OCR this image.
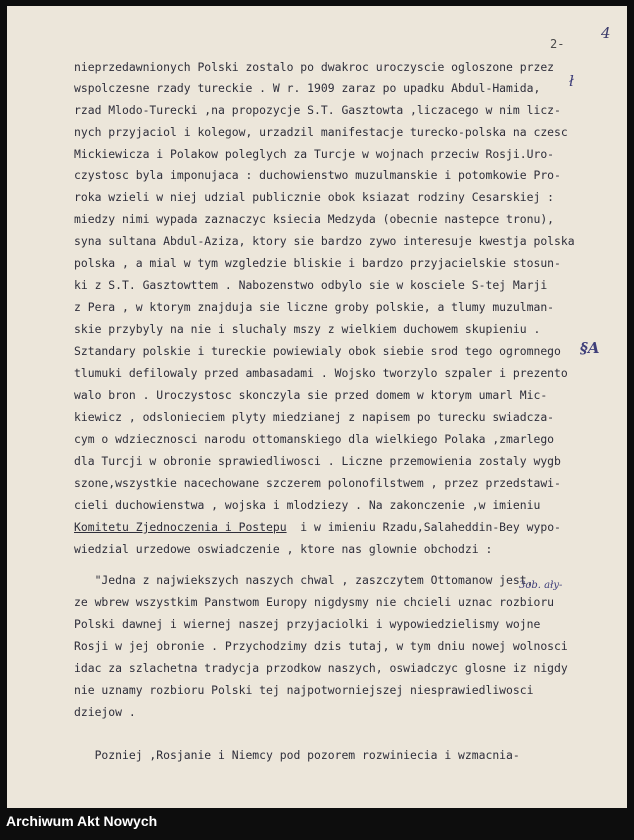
2-
4
nieprzedawnionych Polski zostalo po dwakroc uroczyscie ogloszone przez
wspolczesne rzady tureckie . W r. 1909 zaraz po upadku Abdul-Hamida,
rzad Mlodo-Turecki ,na propozycje S.T. Gasztowta ,liczacego w nim licz-
nych przyjaciol i kolegow, urzadzil manifestacje turecko-polska na czesc
Mickiewicza i Polakow poleglych za Turcje w wojnach przeciw Rosji.Uro-
czystosc byla imponujaca : duchowienstwo muzulmanskie i potomkowie Pro-
roka wzieli w niej udzial publicznie obok ksiazat rodziny Cesarskiej :
miedzy nimi wypada zaznaczyc ksiecia Medzyda (obecnie nastepce tronu),
syna sultana Abdul-Aziza, ktory sie bardzo zywo interesuje kwestja polska
polska , a mial w tym wzgledzie bliskie i bardzo przyjacielskie stosun-
ki z S.T. Gasztowttem . Nabozenstwo odbylo sie w kosciele S-tej Marji
z Pera , w ktorym znajduja sie liczne groby polskie, a tlumy muzulman-
skie przybyly na nie i sluchaly mszy z wielkiem duchowem skupieniu .
Sztandary polskie i tureckie powiewialy obok siebie srod tego ogromnego
tlumuki defilowaly przed ambasadami . Wojsko tworzylo szpaler i prezento
walo bron . Uroczystosc skonczyla sie przed domem w ktorym umarl Mic-
kiewicz , odslonieciem plyty miedzianej z napisem po turecku swiadcza-
cym o wdziecznosci narodu ottomanskiego dla wielkiego Polaka ,zmarlego
dla Turcji w obronie sprawiedliwosci . Liczne przemowienia zostaly wygb
szone,wszystkie nacechowane szczerem polonofilstwem , przez przedstawi-
cieli duchowienstwa , wojska i mlodziezy . Na zakonczenie ,w imieniu
Komitetu Zjednoczenia i Postepu  i w imieniu Rzadu,Salaheddin-Bey wypo-
wiedzial urzedowe oswiadczenie , ktore nas glownie obchodzi :
"Jedna z najwiekszych naszych chwal , zaszczytem Ottomanow jest,
ze wbrew wszystkim Panstwom Europy nigdysmy nie chcieli uznac rozbioru
Polski dawnej i wiernej naszej przyjaciolki i wypowiedzielismy wojne
Rosji w jej obronie . Przychodzimy dzis tutaj, w tym dniu nowej wolnosci
idac za szlachetna tradycja przodkow naszych, oswiadczyc glosne iz nigdy
nie uznamy rozbioru Polski tej najpotworniejszej niesprawiedliwosci
dziejow .
Pozniej ,Rosjanie i Niemcy pod pozorem rozwiniecia i wzmacnia-
ł
§A
3ob. ały-
Archiwum Akt Nowych
